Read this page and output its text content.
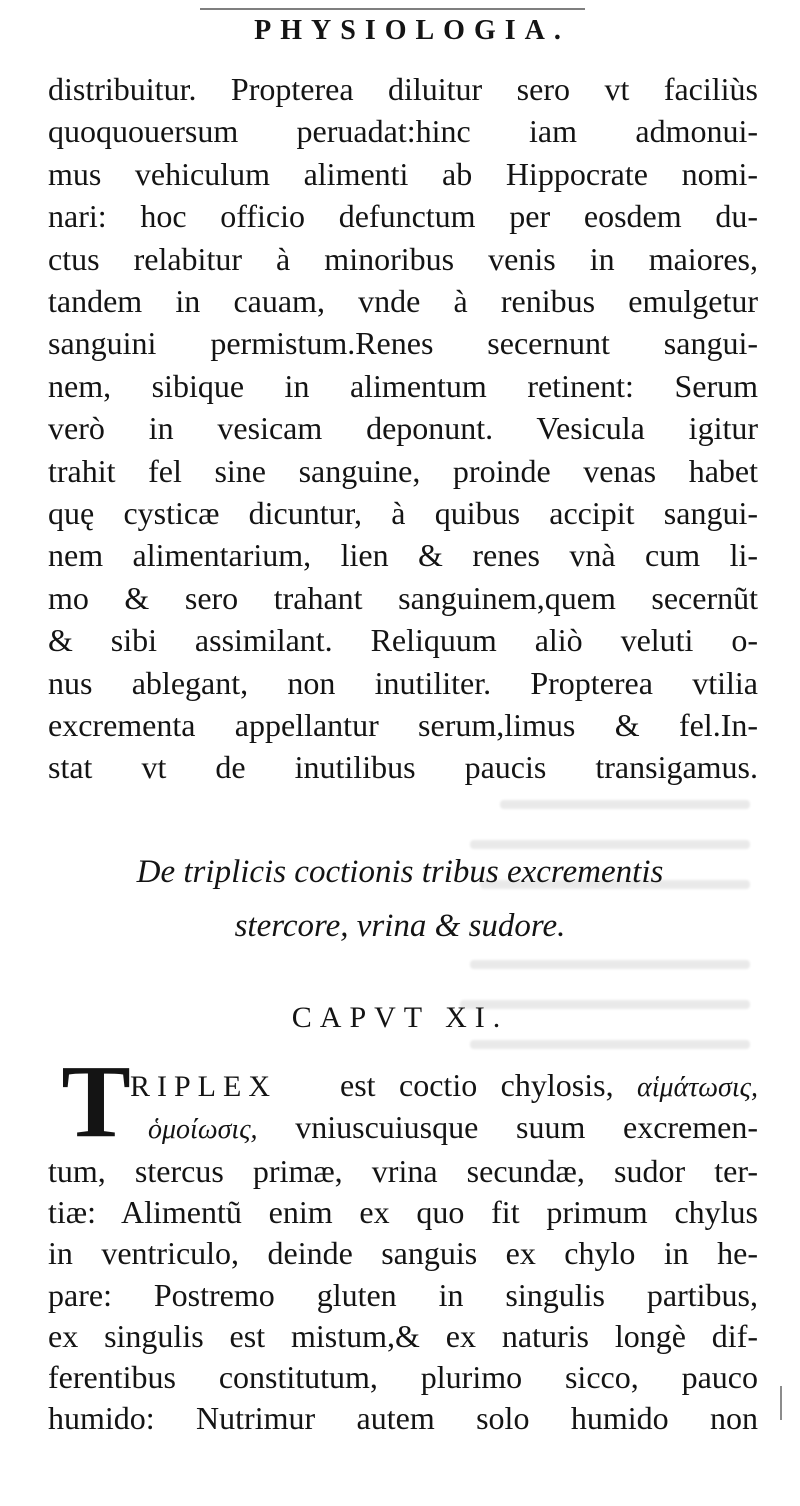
PHYSIOLOGIA.
distribuitur. Propterea diluitur sero vt faciliùs
quoquouersum peruadat:hinc iam admonui-
mus vehiculum alimenti ab Hippocrate nomi-
nari: hoc officio defunctum per eosdem du-
ctus relabitur à minoribus venis in maiores,
tandem in cauam, vnde à renibus emulgetur
sanguini permistum.Renes secernunt sangui-
nem, sibique in alimentum retinent: Serum
verò in vesicam deponunt. Vesicula igitur
trahit fel sine sanguine, proinde venas habet
quę cysticæ dicuntur, à quibus accipit sangui-
nem alimentarium, lien & renes vnà cum li-
mo & sero trahant sanguinem,quem secernũt
& sibi assimilant. Reliquum aliò veluti o-
nus ablegant, non inutiliter. Propterea vtilia
excrementa appellantur serum,limus & fel.In-
stat vt de inutilibus paucis transigamus.
De triplicis coctionis tribus excrementis
stercore, vrina & sudore.
CAPVT XI.
T RIPLEX est coctio chylosis, αἱμάτωσις,
ὁμοίωσις, vniuscuiusque suum excremen-
tum, stercus primæ, vrina secundæ, sudor ter-
tiæ: Alimentũ enim ex quo fit primum chylus
in ventriculo, deinde sanguis ex chylo in he-
pare: Postremo gluten in singulis partibus,
ex singulis est mistum,& ex naturis longè dif-
ferentibus constitutum, plurimo sicco, pauco
humido: Nutrimur autem solo humido non
